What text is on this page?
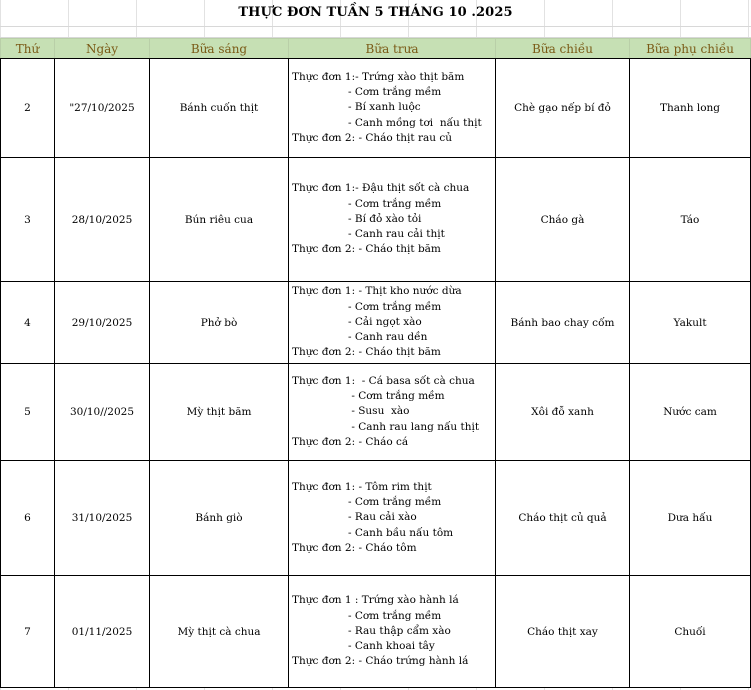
THỰC ĐƠN TUẦN 5 THÁNG 10 .2025
Thứ	Ngày	Bữa sáng	Bữa trưa	Bữa chiều	Bữa phụ chiều
2	"27/10/2025	Bánh cuốn thịt	Thực đơn 1:- Trứng xào thịt băm
- Cơm trắng mềm
- Bí xanh luộc
- Canh mồng tơi  nấu thịt
Thực đơn 2: - Cháo thịt rau củ	Chè gạo nếp bí đỏ	Thanh long
3	28/10/2025	Bún riêu cua	Thực đơn 1:- Đậu thịt sốt cà chua
- Cơm trắng mềm
- Bí đỏ xào tỏi
- Canh rau cải thịt
Thực đơn 2: - Cháo thịt băm	Cháo gà	Táo
4	29/10/2025	Phở bò	Thực đơn 1: - Thịt kho nước dừa
- Cơm trắng mềm
- Cải ngọt xào
- Canh rau dền
Thực đơn 2: - Cháo thịt băm	Bánh bao chay cốm	Yakult
5	30/10//2025	Mỳ thịt băm	Thực đơn 1:  - Cá basa sốt cà chua
- Cơm trắng mềm
- Susu  xào
- Canh rau lang nấu thịt
Thực đơn 2: - Cháo cá	Xôi đỗ xanh	Nước cam
6	31/10/2025	Bánh giò	Thực đơn 1: - Tôm rim thịt
- Cơm trắng mềm
- Rau cải xào
- Canh bầu nấu tôm
Thực đơn 2: - Cháo tôm	Cháo thịt củ quả	Dưa hấu
7	01/11/2025	Mỳ thịt cà chua	Thực đơn 1 : Trứng xào hành lá
- Cơm trắng mềm
- Rau thập cẩm xào
- Canh khoai tây
Thực đơn 2: - Cháo trứng hành lá	Cháo thịt xay	Chuối
